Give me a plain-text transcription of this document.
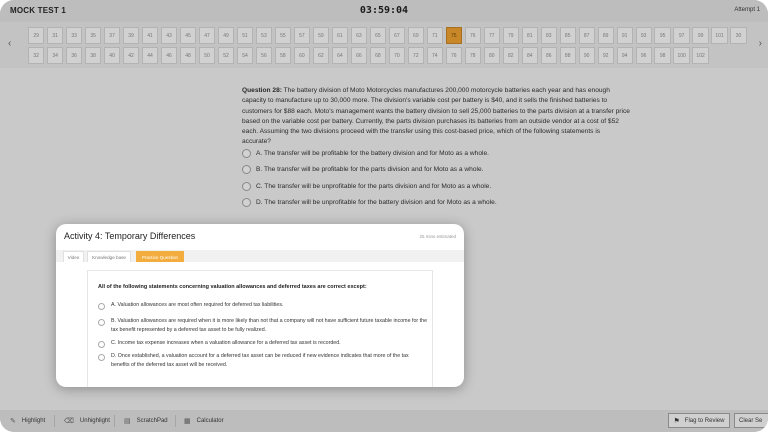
MOCK TEST 1	03:59:04	Attempt 1
‹
29	31	33	35	37	39	41	43	45	47	49	51	53	55	57	59	61	63	65	67	69	71	75	76	77	79	81	83	85	87	89	91	93	95	97	99	101	30
32	34	36	38	40	42	44	46	48	50	52	54	56	58	60	62	64	66	68	70	72	74	76	78	80	82	84	86	88	90	92	94	96	98	100	102
›
Question 28: The battery division of Moto Motorcycles manufactures 200,000 motorcycle batteries each year and has enough capacity to manufacture up to 30,000 more. The division's variable cost per battery is $40, and it sells the finished batteries to customers for $88 each. Moto's management wants the battery division to sell 25,000 batteries to the parts division at a transfer price based on the variable cost per battery. Currently, the parts division purchases its batteries from an outside vendor at a cost of $52 each. Assuming the two divisions proceed with the transfer using this cost-based price, which of the following statements is accurate?
A. The transfer will be profitable for the battery division and for Moto as a whole.
B. The transfer will be profitable for the parts division and for Moto as a whole.
C. The transfer will be unprofitable for the parts division and for Moto as a whole.
D. The transfer will be unprofitable for the battery division and for Moto as a whole.
Activity 4: Temporary Differences	25 mins estimated
Video	Knowledge base	Practice Question
All of the following statements concerning valuation allowances and deferred taxes are correct except:
A. Valuation allowances are most often required for deferred tax liabilities.
B. Valuation allowances are required when it is more likely than not that a company will not have sufficient future taxable income for the tax benefit represented by a deferred tax asset to be fully realized.
C. Income tax expense increases when a valuation allowance for a deferred tax asset is recorded.
D. Once established, a valuation account for a deferred tax asset can be reduced if new evidence indicates that more of the tax benefits of the deferred tax asset will be received.
✎ Highlight	⌫ Unhighlight ▤ ScratchPad ▦ Calculator	⚑ Flag to Review	Clear Se
